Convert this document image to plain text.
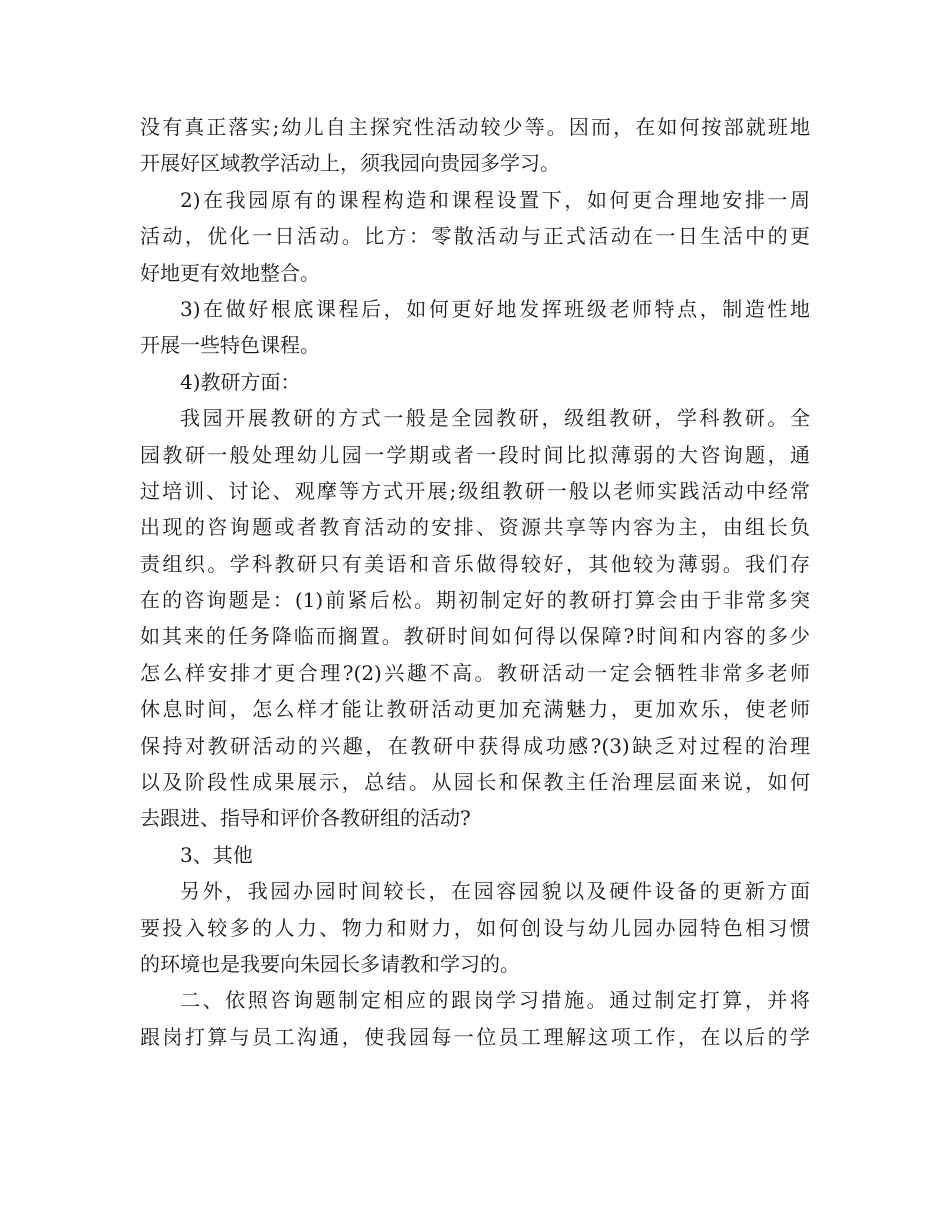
没有真正落实;幼儿自主探究性活动较少等。因而，在如何按部就班地
开展好区域教学活动上，须我园向贵园多学习。
2)在我园原有的课程构造和课程设置下，如何更合理地安排一周
活动，优化一日活动。比方：零散活动与正式活动在一日生活中的更
好地更有效地整合。
3)在做好根底课程后，如何更好地发挥班级老师特点，制造性地
开展一些特色课程。
4)教研方面：
我园开展教研的方式一般是全园教研，级组教研，学科教研。全
园教研一般处理幼儿园一学期或者一段时间比拟薄弱的大咨询题，通
过培训、讨论、观摩等方式开展;级组教研一般以老师实践活动中经常
出现的咨询题或者教育活动的安排、资源共享等内容为主，由组长负
责组织。学科教研只有美语和音乐做得较好，其他较为薄弱。我们存
在的咨询题是：(1)前紧后松。期初制定好的教研打算会由于非常多突
如其来的任务降临而搁置。教研时间如何得以保障?时间和内容的多少
怎么样安排才更合理?(2)兴趣不高。教研活动一定会牺牲非常多老师
休息时间，怎么样才能让教研活动更加充满魅力，更加欢乐，使老师
保持对教研活动的兴趣，在教研中获得成功感?(3)缺乏对过程的治理
以及阶段性成果展示，总结。从园长和保教主任治理层面来说，如何
去跟进、指导和评价各教研组的活动?
3、其他
另外，我园办园时间较长，在园容园貌以及硬件设备的更新方面
要投入较多的人力、物力和财力，如何创设与幼儿园办园特色相习惯
的环境也是我要向朱园长多请教和学习的。
二、依照咨询题制定相应的跟岗学习措施。通过制定打算，并将
跟岗打算与员工沟通，使我园每一位员工理解这项工作，在以后的学
